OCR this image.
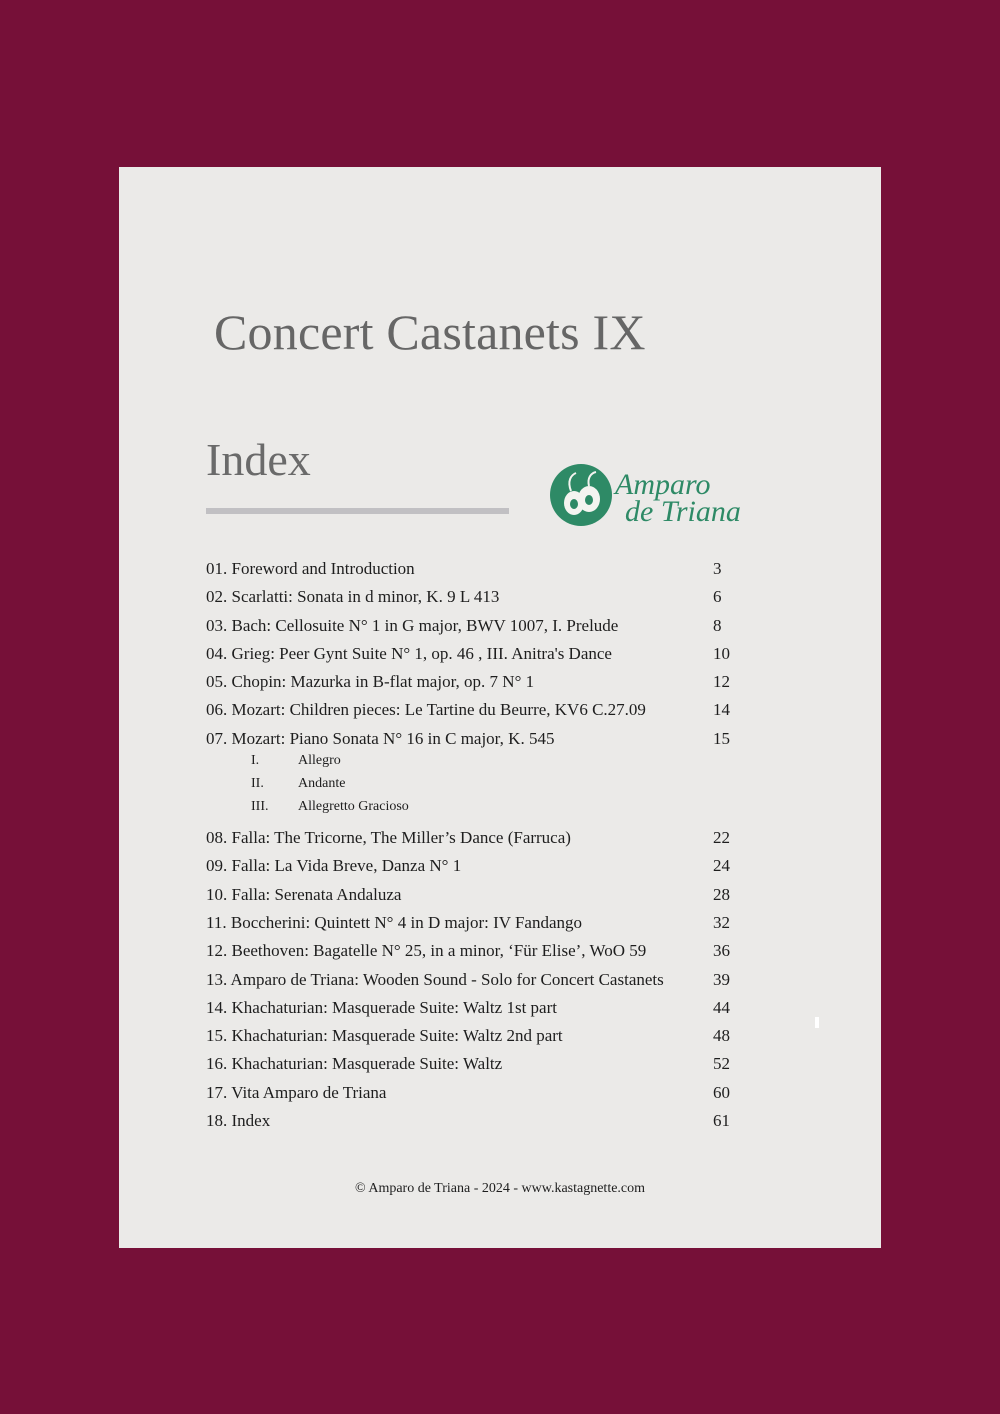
Concert Castanets IX
Index	Amparo
de Triana
01. Foreword and Introduction	3
02. Scarlatti: Sonata in d minor, K. 9 L 413	6
03. Bach: Cellosuite N° 1 in G major, BWV 1007, I. Prelude	8
04. Grieg: Peer Gynt Suite N° 1, op. 46 , III. Anitra's Dance	10
05. Chopin: Mazurka in B-flat major, op. 7 N° 1	12
06. Mozart: Children pieces: Le Tartine du Beurre, KV6 C.27.09	14
07. Mozart: Piano Sonata N° 16 in C major, K. 545	15
I.	Allegro
II. Andante
III. Allegretto Gracioso
08. Falla: The Tricorne, The Miller’s Dance (Farruca)	22
09. Falla: La Vida Breve, Danza N° 1	24
10. Falla: Serenata Andaluza	28
11. Boccherini: Quintett N° 4 in D major: IV Fandango	32
12. Beethoven: Bagatelle N° 25, in a minor, ‘Für Elise’, WoO 59	36
13. Amparo de Triana: Wooden Sound - Solo for Concert Castanets	39
14. Khachaturian: Masquerade Suite: Waltz 1st part	44
15. Khachaturian: Masquerade Suite: Waltz 2nd part	48
16. Khachaturian: Masquerade Suite: Waltz	52
17. Vita Amparo de Triana	60
18. Index	61
© Amparo de Triana - 2024 - www.kastagnette.com
